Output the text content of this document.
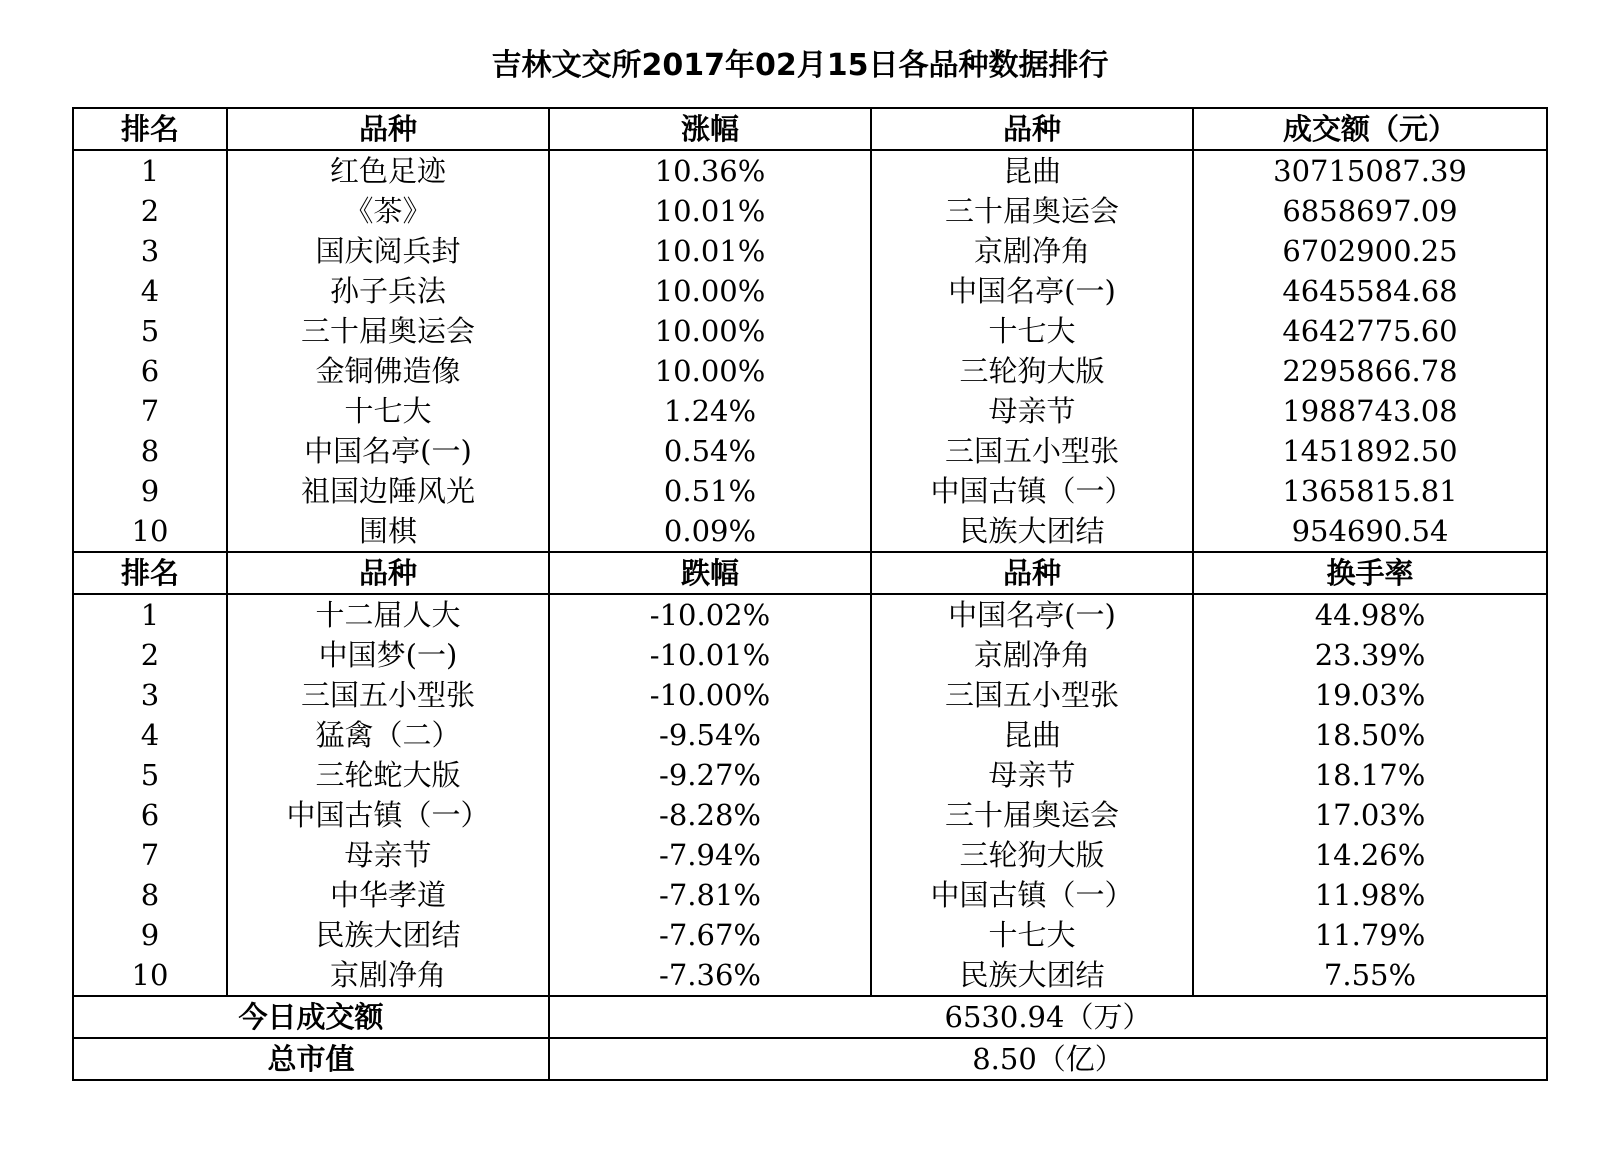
吉林文交所2017年02月15日各品种数据排行
排名	品种	涨幅	品种	成交额（元）
1	红色足迹	10.36%	昆曲	30715087.39
2	《茶》	10.01%	三十届奥运会	6858697.09
3	国庆阅兵封	10.01%	京剧净角	6702900.25
4	孙子兵法	10.00%	中国名亭(一)	4645584.68
5	三十届奥运会	10.00%	十七大	4642775.60
6	金铜佛造像	10.00%	三轮狗大版	2295866.78
7	十七大	1.24%	母亲节	1988743.08
8	中国名亭(一)	0.54%	三国五小型张	1451892.50
9	祖国边陲风光	0.51%	中国古镇（一）	1365815.81
10	围棋	0.09%	民族大团结	954690.54
排名	品种	跌幅	品种	换手率
1	十二届人大	-10.02%	中国名亭(一)	44.98%
2	中国梦(一)	-10.01%	京剧净角	23.39%
3	三国五小型张	-10.00%	三国五小型张	19.03%
4	猛禽（二）	-9.54%	昆曲	18.50%
5	三轮蛇大版	-9.27%	母亲节	18.17%
6	中国古镇（一）	-8.28%	三十届奥运会	17.03%
7	母亲节	-7.94%	三轮狗大版	14.26%
8	中华孝道	-7.81%	中国古镇（一）	11.98%
9	民族大团结	-7.67%	十七大	11.79%
10	京剧净角	-7.36%	民族大团结	7.55%
今日成交额		6530.94（万）		
总市值		8.50（亿）		
